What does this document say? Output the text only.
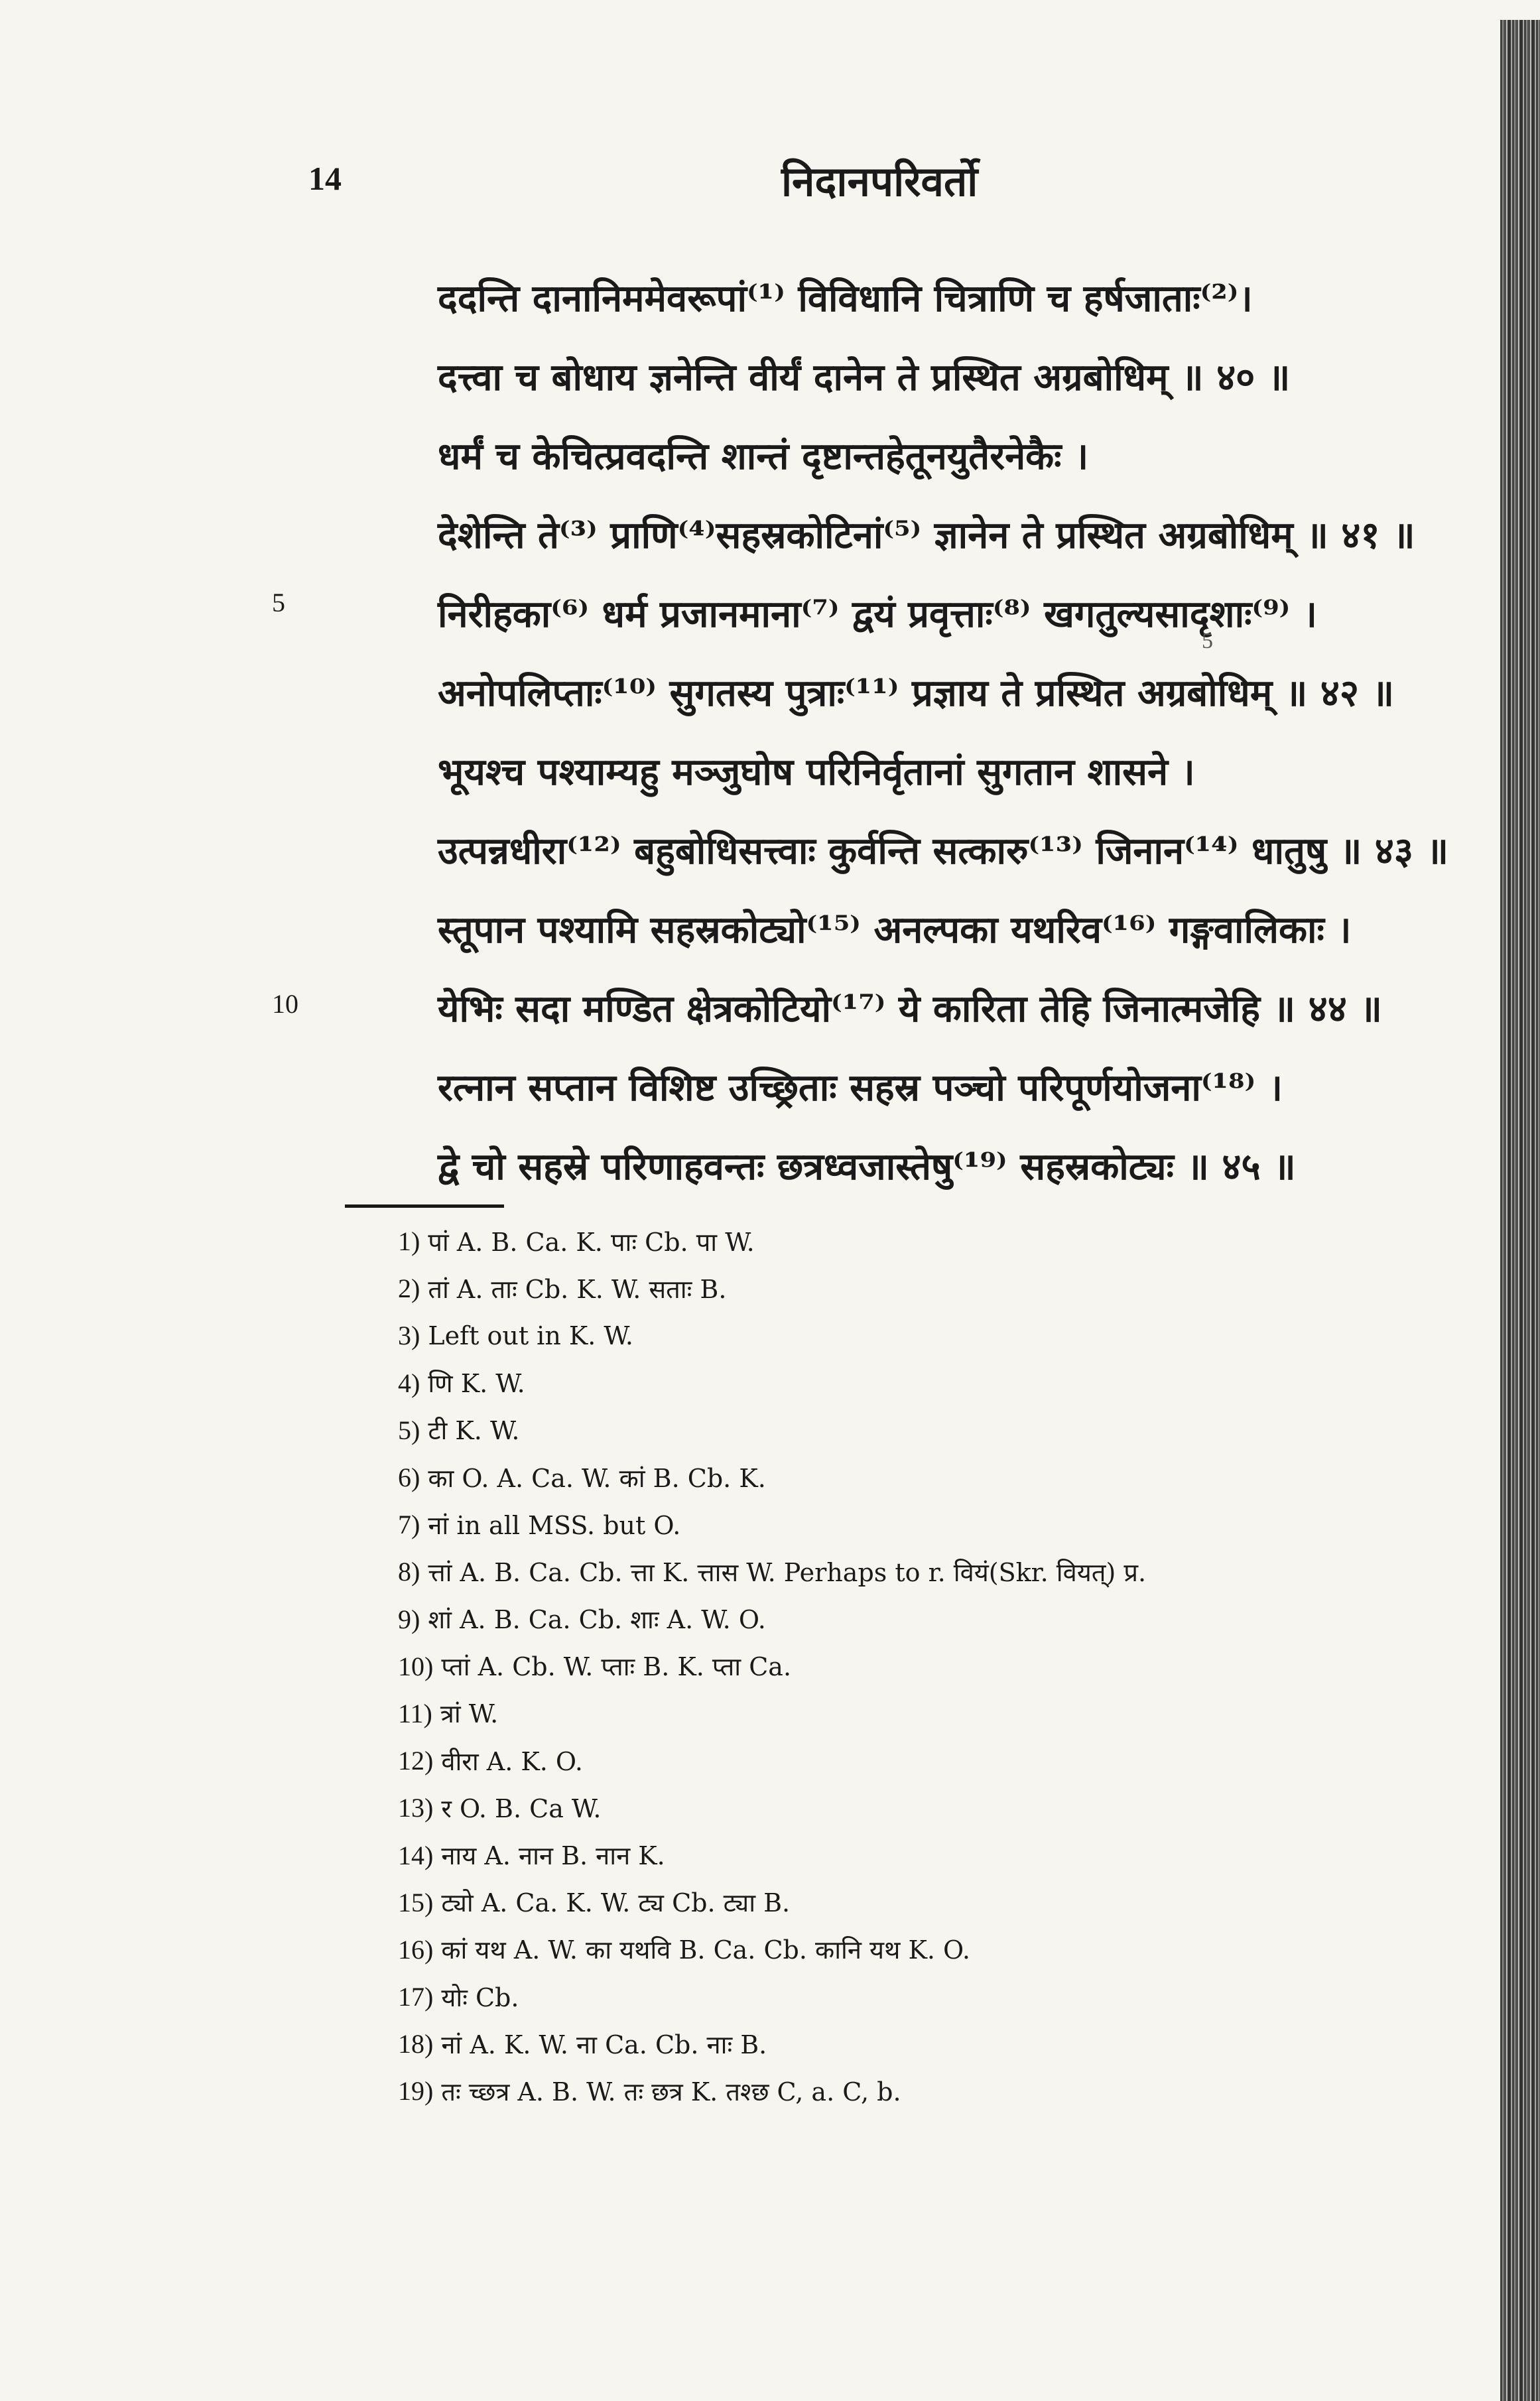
14	निदानपरिवर्तो
ददन्ति दानानिममेवरूपां⁽¹⁾ विविधानि चित्राणि च हर्षजाताः⁽²⁾।
दत्त्वा च बोधाय ज्ञनेन्ति वीर्यं दानेन ते प्रस्थित अग्रबोधिम् ॥ ४० ॥
धर्मं च केचित्प्रवदन्ति शान्तं दृष्टान्तहेतूनयुतैरनेकैः ।
देशेन्ति ते⁽³⁾ प्राणि⁽⁴⁾सहस्रकोटिनां⁽⁵⁾ ज्ञानेन ते प्रस्थित अग्रबोधिम् ॥ ४१ ॥
निरीहका⁽⁶⁾ धर्म प्रजानमाना⁽⁷⁾ द्वयं प्रवृत्ताः⁽⁸⁾ खगतुल्यसादृशाः⁽⁹⁾ ।
अनोपलिप्ताः⁽¹⁰⁾ सुगतस्य पुत्राः⁽¹¹⁾ प्रज्ञाय ते प्रस्थित अग्रबोधिम् ॥ ४२ ॥
भूयश्च पश्याम्यहु मञ्जुघोष परिनिर्वृतानां सुगतान शासने ।
उत्पन्नधीरा⁽¹²⁾ बहुबोधिसत्त्वाः कुर्वन्ति सत्कारु⁽¹³⁾ जिनान⁽¹⁴⁾ धातुषु ॥ ४३ ॥
स्तूपान पश्यामि सहस्रकोट्यो⁽¹⁵⁾ अनल्पका यथरिव⁽¹⁶⁾ गङ्गवालिकाः ।
येभिः सदा मण्डित क्षेत्रकोटियो⁽¹⁷⁾ ये कारिता तेहि जिनात्मजेहि ॥ ४४ ॥
रत्नान सप्तान विशिष्ट उच्छ्रिताः सहस्र पञ्चो परिपूर्णयोजना⁽¹⁸⁾ ।
द्वे चो सहस्रे परिणाहवन्तः छत्रध्वजास्तेषु⁽¹⁹⁾ सहस्रकोट्यः ॥ ४५ ॥
5
10
5
1) पां A. B. Ca. K. पाः Cb. पा W.
2) तां A. ताः Cb. K. W. सताः B.
3) Left out in K. W.
4) णि K. W.
5) टी K. W.
6) का O. A. Ca. W. कां B. Cb. K.
7) नां in all MSS. but O.
8) त्तां A. B. Ca. Cb. त्ता K. त्तास W. Perhaps to r. वियं(Skr. वियत्) प्र.
9) शां A. B. Ca. Cb. शाः A. W. O.
10) प्तां A. Cb. W. प्ताः B. K. प्ता Ca.
11) त्रां W.
12) वीरा A. K. O.
13) र O. B. Ca W.
14) नाय A. नान B. नान K.
15) ट्यो A. Ca. K. W. ट्य Cb. ट्या B.
16) कां यथ A. W. का यथवि B. Ca. Cb. कानि यथ K. O.
17) योः Cb.
18) नां A. K. W. ना Ca. Cb. नाः B.
19) तः च्छत्र A. B. W. तः छत्र K. तश्छ C, a. C, b.
